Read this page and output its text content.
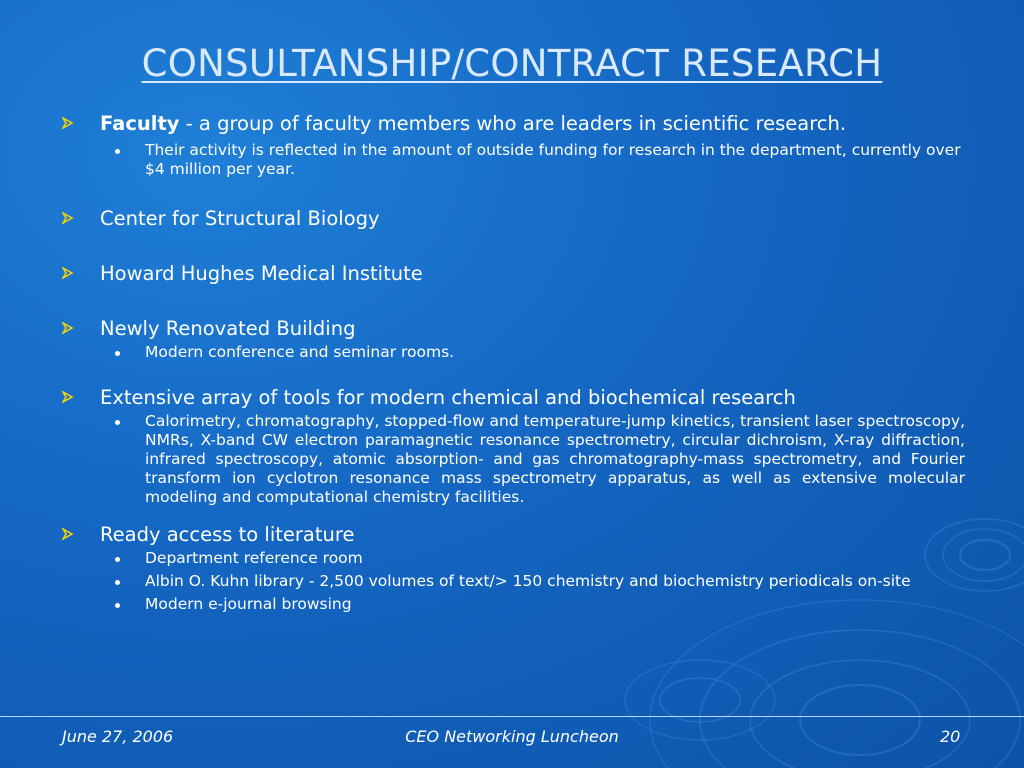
CONSULTANSHIP/CONTRACT RESEARCH
Faculty - a group of faculty members who are leaders in scientific research.
Their activity is reflected in the amount of outside funding for research in the department, currently over $4 million per year.
Center for Structural Biology
Howard Hughes Medical Institute
Newly Renovated Building
Modern conference and seminar rooms.
Extensive array of tools for modern chemical and biochemical research
Calorimetry, chromatography, stopped-flow and temperature-jump kinetics, transient laser spectroscopy, NMRs, X-band CW electron paramagnetic resonance spectrometry, circular dichroism, X-ray diffraction, infrared spectroscopy, atomic absorption- and gas chromatography-mass spectrometry, and Fourier transform ion cyclotron resonance mass spectrometry apparatus, as well as extensive molecular modeling and computational chemistry facilities.
Ready access to literature
Department reference room
Albin O. Kuhn library - 2,500 volumes of text/> 150 chemistry and biochemistry periodicals on-site
Modern e-journal browsing
June 27, 2006	CEO Networking Luncheon	20
